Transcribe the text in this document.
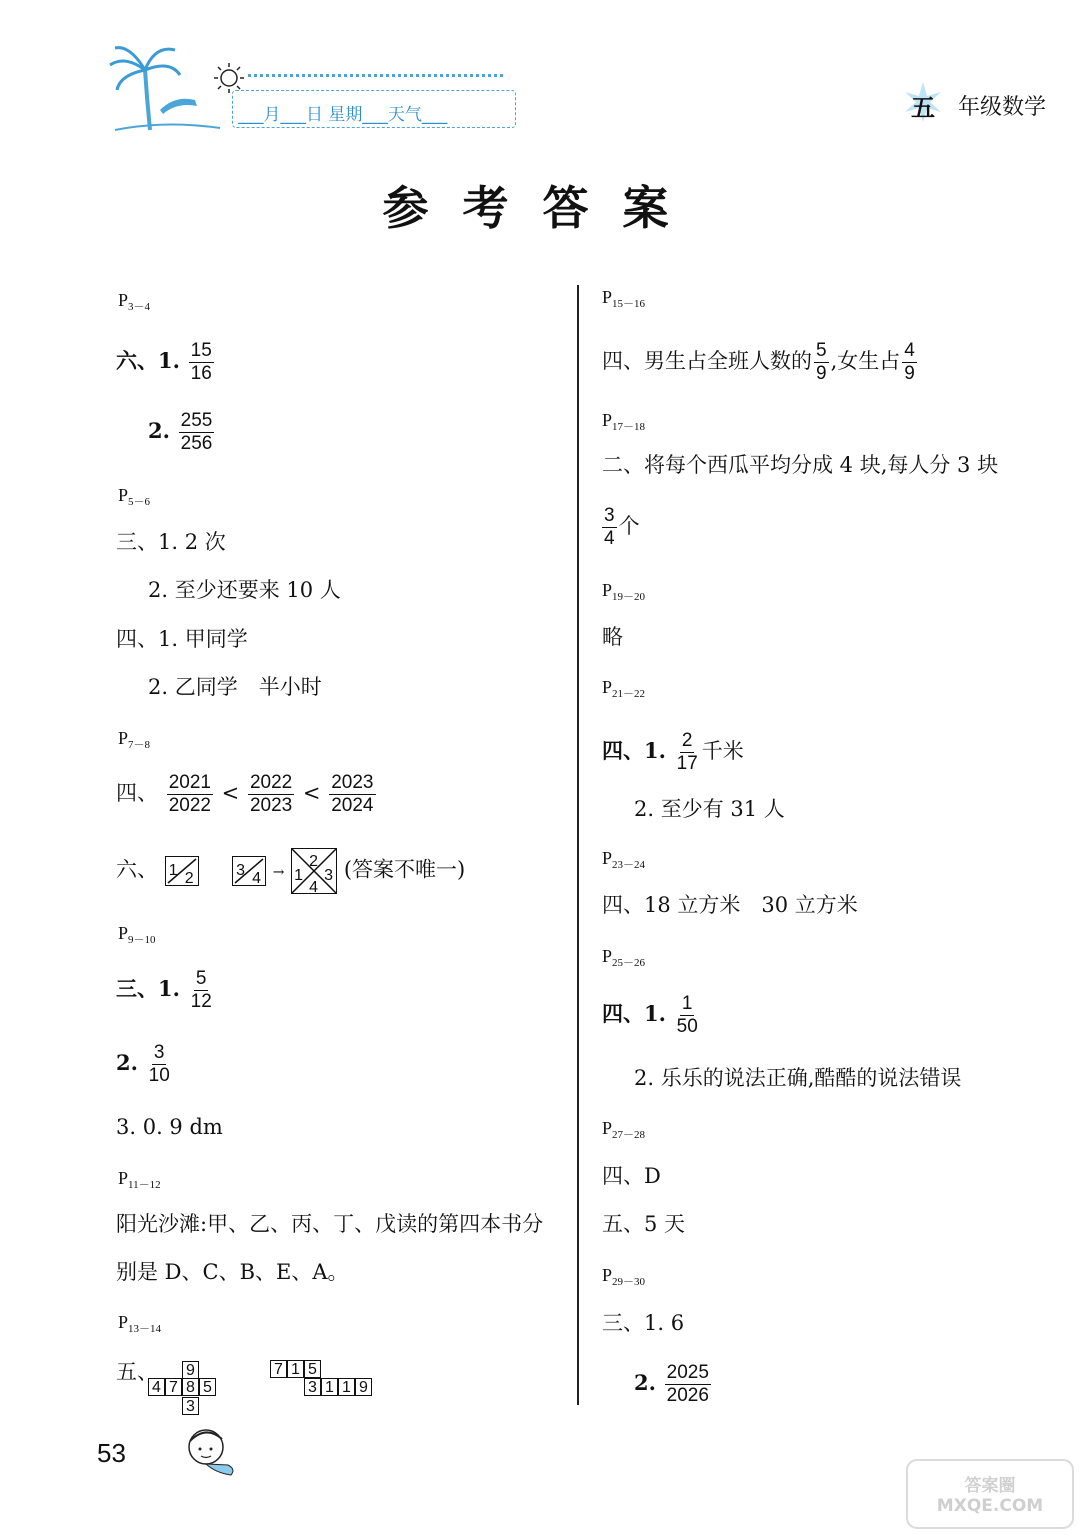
___月___日 星期___天气___	五 年级数学
参考答案
$P_{3-4}$
六、1. $\frac{15}{16}$
2. $\frac{255}{256}$
$P_{5-6}$
三、1. 2 次
2. 至少还要来 10 人
四、1. 甲同学
2. 乙同学　半小时
$P_{7-8}$
四、 $\frac{2021}{2022} < \frac{2022}{2023} < \frac{2023}{2024}$
六、 1 2
	3 4 →
2
1 3
4
(答案不唯一)
$P_{9-10}$
三、1. $\frac{5}{12}$
2. $\frac{3}{10}$
3. 0. 9 dm
$P_{11-12}$
阳光沙滩:甲、乙、丙、丁、戊读的第四本书分
别是 D、C、B、E、A。
$P_{13-14}$
五、 9
4 7 8 5
3
7 1 5
3 1 1 9
$P_{15-16}$
四、男生占全班人数的 $\frac{5}{9}$ ,女生占 $\frac{4}{9}$
$P_{17-18}$
二、将每个西瓜平均分成 4 块,每人分 3 块
$\frac{3}{4}$ 个
$P_{19-20}$
略
$P_{21-22}$
四、1. $\frac{2}{17}$ 千米
2. 至少有 31 人
$P_{23-24}$
四、18 立方米　30 立方米
$P_{25-26}$
四、1. $\frac{1}{50}$
2. 乐乐的说法正确,酷酷的说法错误
$P_{27-28}$
四、D
五、5 天
$P_{29-30}$
三、1. 6
2. $\frac{2025}{2026}$
53
答案圈 MXQE.COM
